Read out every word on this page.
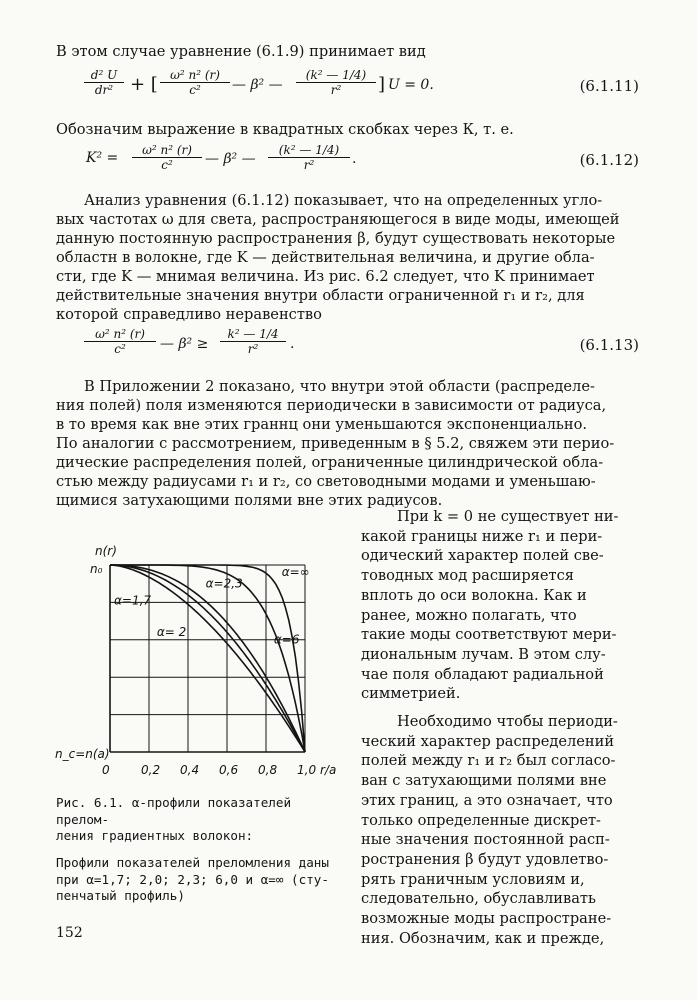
В этом случае уравнение (6.1.9) принимает вид
$\frac{\text{d² U}}{\text{dr²}}$ + [ $\frac{\text{ω² n² (r)}}{\text{c²}}$ — β² — $\frac{\text{(k² — 1/4)}}{\text{r²}}$ ] U = 0.	(6.1.11)
Обозначим выражение в квадратных скобках через К, т. е.
$K^2 = \frac{\text{ω² n² (r)}}{\text{c²}}$ — β² — $\frac{\text{(k² — 1/4)}}{\text{r²}}$ .	(6.1.12)
Анализ уравнения (6.1.12) показывает, что на определенных угло-
вых частотах ω для света, распространяющегося в виде моды, имеющей
данную постоянную распространения β, будут существовать некоторые
областн в волокне, где K — действительная величина, и другие обла-
сти, где K — мнимая величина. Из рис. 6.2 следует, что K принимает
действительные значения внутри области ограниченной r₁ и r₂, для
которой справедливо неравенство
$\frac{\text{ω² n² (r)}}{\text{c²}}$ — $\beta^2 \ge \frac{\text{k² — 1/4}}{\text{r²}}$ .	(6.1.13)
В Приложении 2 показано, что внутри этой области (распределе-
ния полей) поля изменяются периодически в зависимости от радиуса,
в то время как вне этих граннц они уменьшаются экспоненциально.
По аналогии с рассмотрением, приведенным в § 5.2, свяжем эти перио-
дические распределения полей, ограниченные цилиндрической обла-
стью между радиусами r₁ и r₂, со световодными модами и уменьшаю-
щимися затухающими полями вне этих радиусов.
n(r)
n₀
n_c=n(a)
r/a
0	0,2 0,4 0,6 0,8 1,0
α=1,7
α= 2
α=2,3
α=6
α=∞
Рис. 6.1. α-профили показателей прелом-
ления градиентных волокон:
Профили показателей преломления даны
при α=1,7; 2,0; 2,3; 6,0 и α=∞ (сту-
пенчатый профиль)
При k = 0 не существует ни-
какой границы ниже r₁ и пери-
одический характер полей све-
товодных мод расширяется
вплоть до оси волокна. Как и
ранее, можно полагать, что
такие моды соответствуют мери-
диональным лучам. В этом слу-
чае поля обладают радиальной
симметрией.
Необходимо чтобы периоди-
ческий характер распределений
полей между r₁ и r₂ был согласо-
ван с затухающими полями вне
этих границ, а это означает, что
только определенные дискрет-
ные значения постоянной расп-
ространения β будут удовлетво-
рять граничным условиям и,
следовательно, обуславливать
возможные моды распростране-
ния. Обозначим, как и прежде,
152
